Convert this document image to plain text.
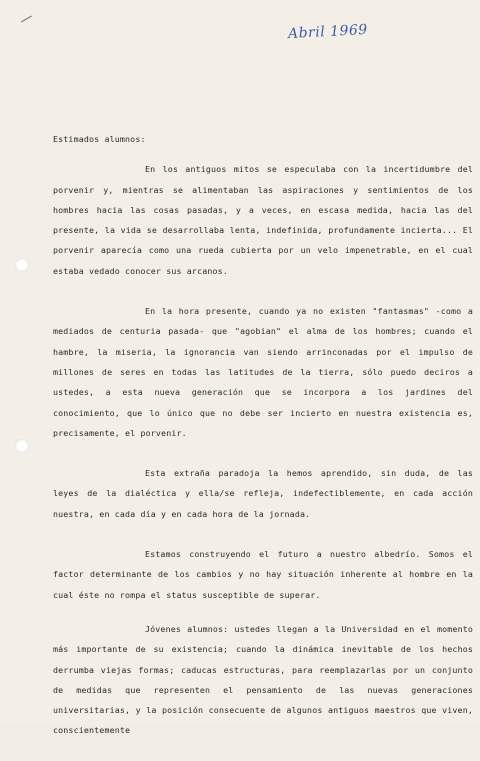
Abril 1969

Estimados alumnos:

En los antiguos mitos se especulaba con la incertidumbre del porvenir y, mientras se alimentaban las aspiraciones y sentimientos de los hombres hacia las cosas pasadas, y a veces, en escasa medida, hacia las del presente, la vida se desarrollaba lenta, indefinida, profundamente incierta... El porvenir aparecía como una rueda cubierta por un velo impenetrable, en el cual estaba vedado conocer sus arcanos.

En la hora presente, cuando ya no existen "fantasmas" -como a mediados de centuria pasada- que "agobian" el alma de los hombres; cuando el hambre, la miseria, la ignorancia van siendo arrinconadas por el impulso de millones de seres en todas las latitudes de la tierra, sólo puedo deciros a ustedes, a esta nueva generación que se incorpora a los jardines del conocimiento, que lo único que no debe ser incierto en nuestra existencia es, precisamente, el porvenir.

Esta extraña paradoja la hemos aprendido, sin duda, de las leyes de la dialéctica y ella/se refleja, indefectiblemente, en cada acción nuestra, en cada día y en cada hora de la jornada.

Estamos construyendo el futuro a nuestro albedrío. Somos el factor determinante de los cambios y no hay situación inherente al hombre en la cual éste no rompa el status susceptible de superar.

Jóvenes alumnos: ustedes llegan a la Universidad en el momento más importante de su existencia; cuando la dinámica inevitable de los hechos derrumba viejas formas; caducas estructuras, para reemplazarlas por un conjunto de medidas que representen el pensamiento de las nuevas generaciones universitarias, y la posición consecuente de algunos antiguos maestros que viven, conscientemente
